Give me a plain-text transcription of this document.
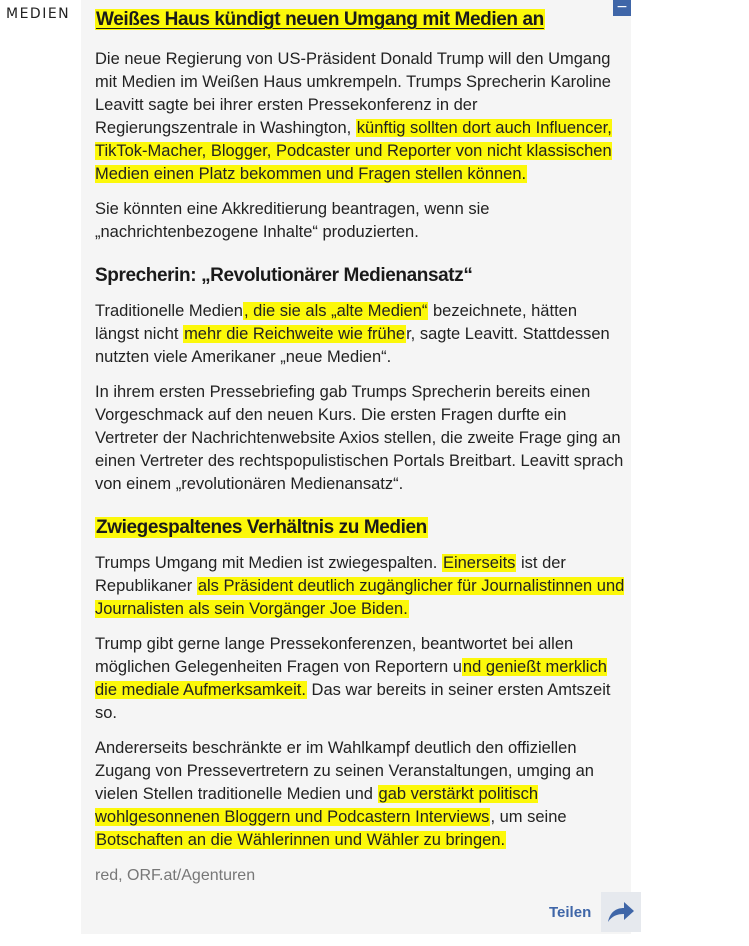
MEDIEN	−
Weißes Haus kündigt neuen Umgang mit Medien an

Die neue Regierung von US-Präsident Donald Trump will den Umgang mit Medien im Weißen Haus umkrempeln. Trumps Sprecherin Karoline Leavitt sagte bei ihrer ersten Pressekonferenz in der Regierungszentrale in Washington, künftig sollten dort auch Influencer, TikTok-Macher, Blogger, Podcaster und Reporter von nicht klassischen Medien einen Platz bekommen und Fragen stellen können.

Sie könnten eine Akkreditierung beantragen, wenn sie „nachrichtenbezogene Inhalte“ produzierten.

Sprecherin: „Revolutionärer Medienansatz“

Traditionelle Medien, die sie als „alte Medien“ bezeichnete, hätten längst nicht mehr die Reichweite wie früher, sagte Leavitt. Stattdessen nutzten viele Amerikaner „neue Medien“.

In ihrem ersten Pressebriefing gab Trumps Sprecherin bereits einen Vorgeschmack auf den neuen Kurs. Die ersten Fragen durfte ein Vertreter der Nachrichtenwebsite Axios stellen, die zweite Frage ging an einen Vertreter des rechtspopulistischen Portals Breitbart. Leavitt sprach von einem „revolutionären Medienansatz“.

Zwiegespaltenes Verhältnis zu Medien

Trumps Umgang mit Medien ist zwiegespalten. Einerseits ist der Republikaner als Präsident deutlich zugänglicher für Journalistinnen und Journalisten als sein Vorgänger Joe Biden.

Trump gibt gerne lange Pressekonferenzen, beantwortet bei allen möglichen Gelegenheiten Fragen von Reportern und genießt merklich die mediale Aufmerksamkeit. Das war bereits in seiner ersten Amtszeit so.

Andererseits beschränkte er im Wahlkampf deutlich den offiziellen Zugang von Pressevertretern zu seinen Veranstaltungen, umging an vielen Stellen traditionelle Medien und gab verstärkt politisch wohlgesonnenen Bloggern und Podcastern Interviews, um seine Botschaften an die Wählerinnen und Wähler zu bringen.

red, ORF.at/Agenturen

Teilen
